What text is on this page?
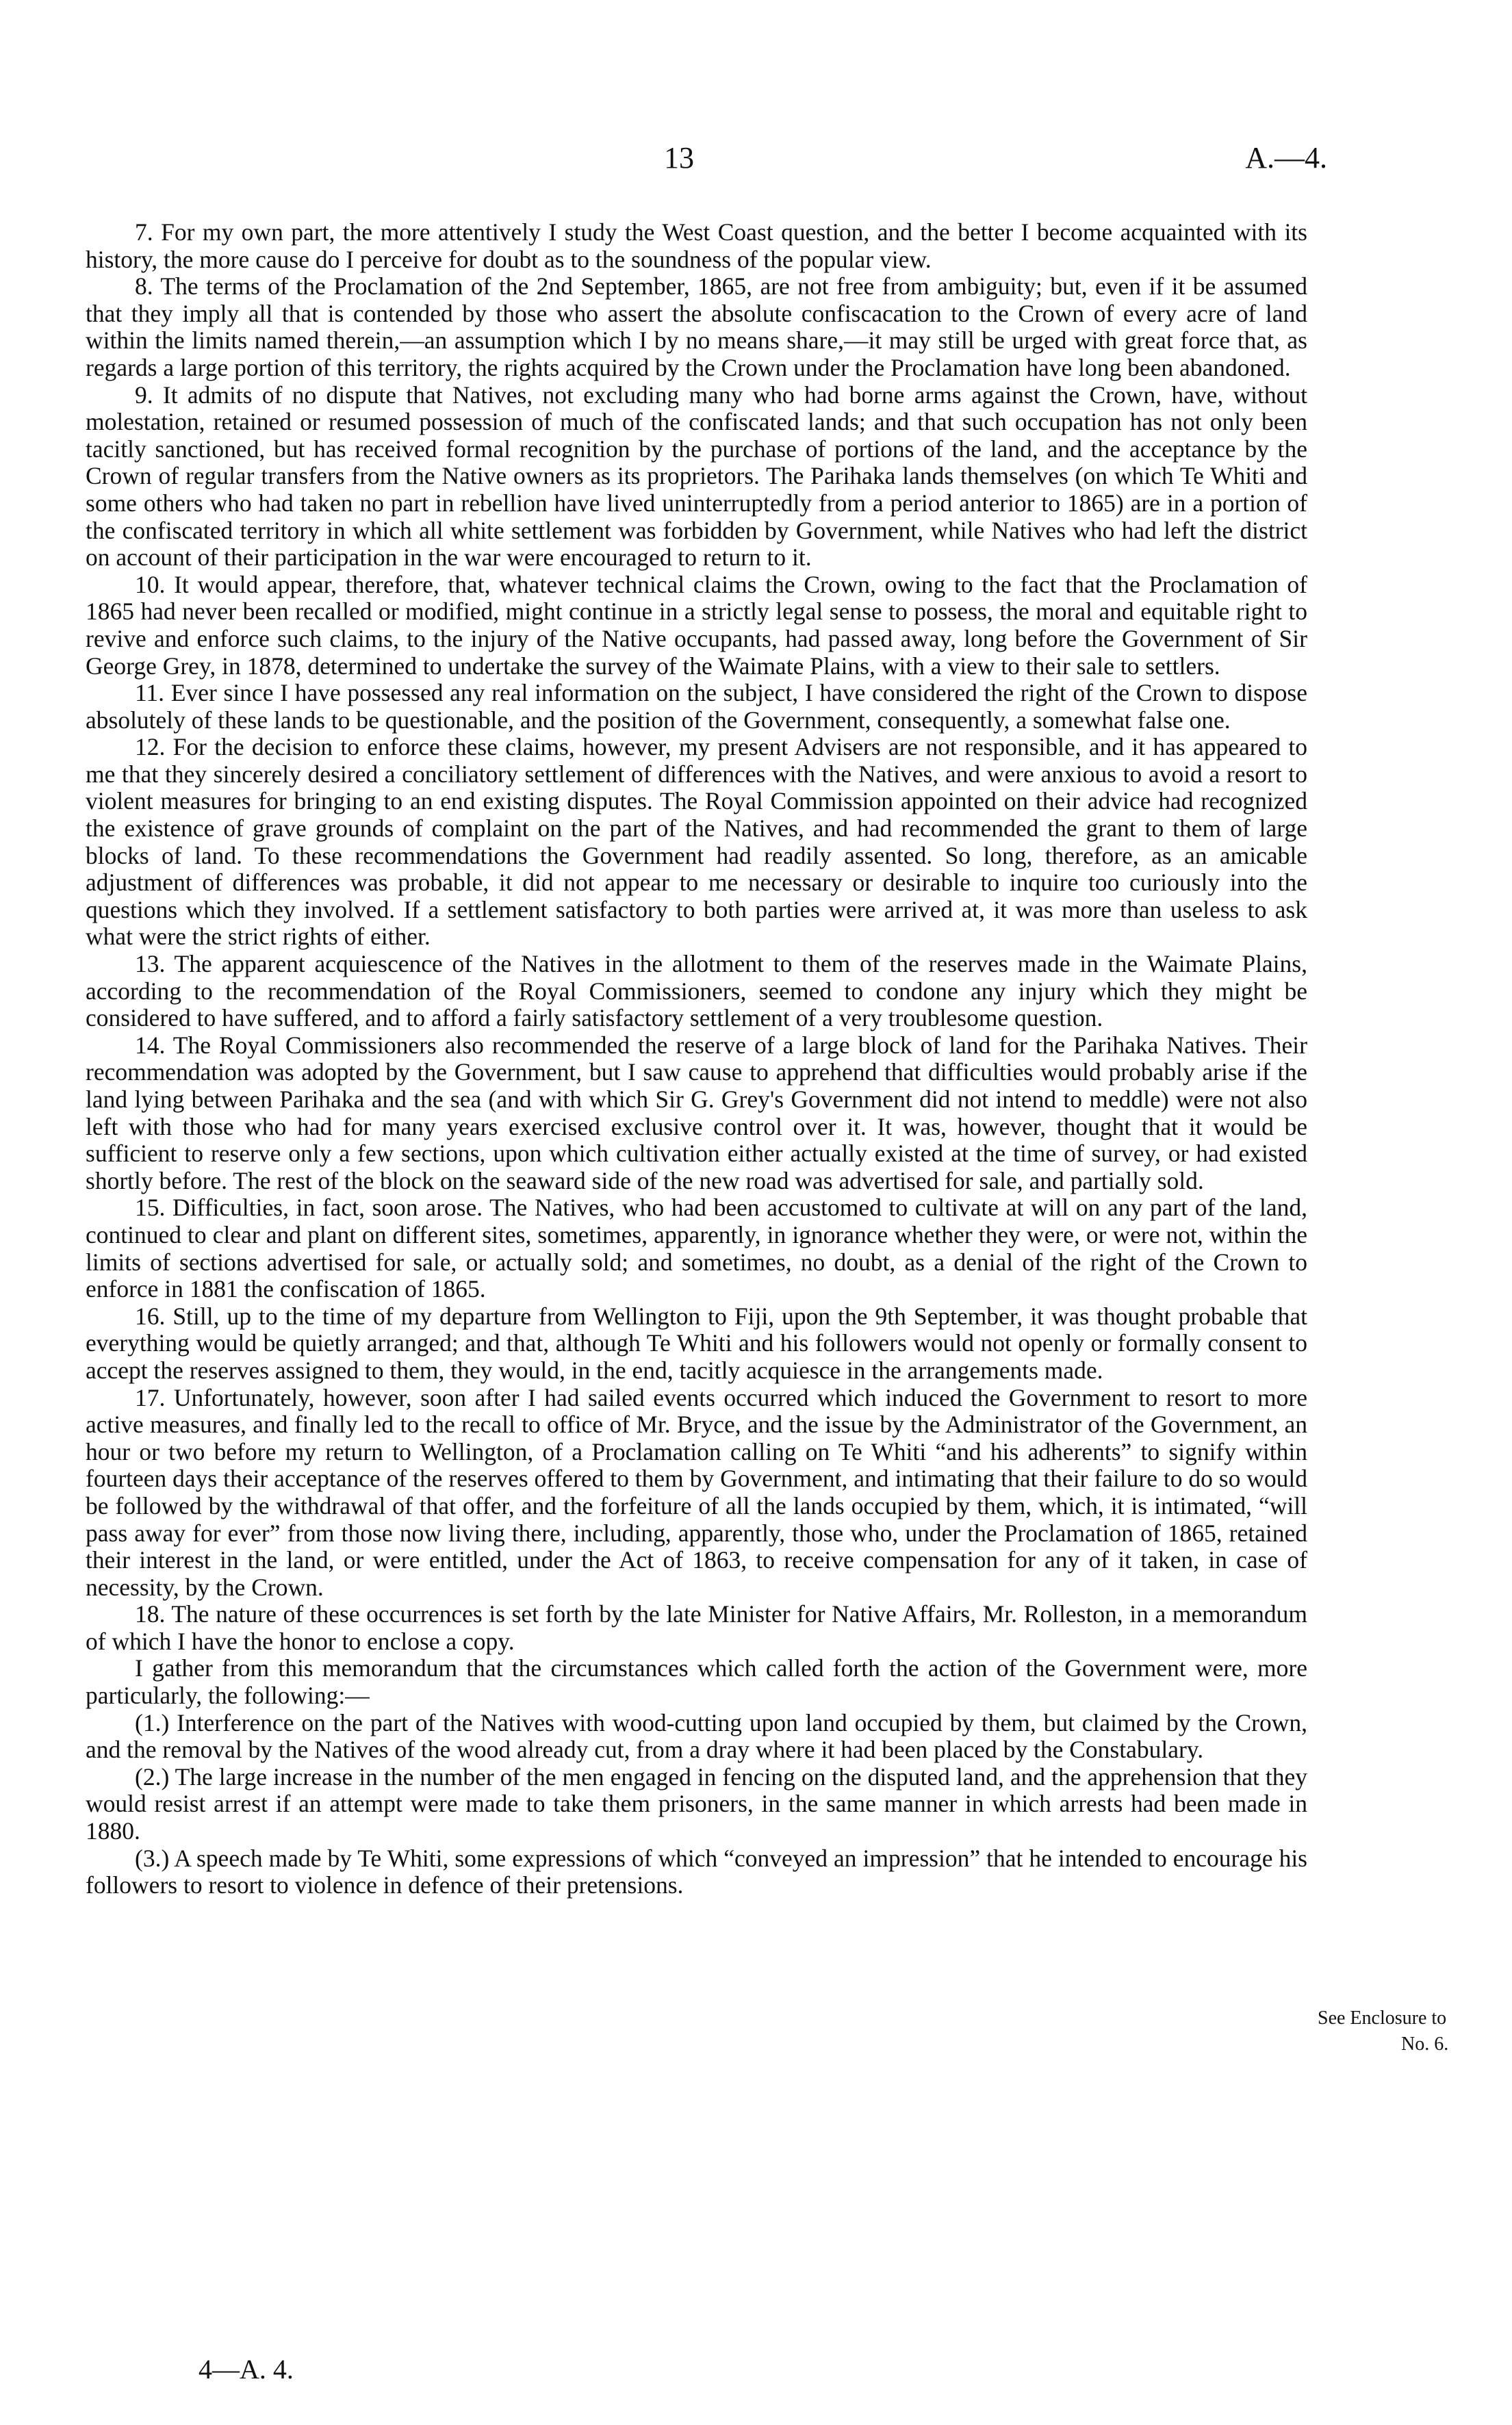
13	A.—4.

7. For my own part, the more attentively I study the West Coast question, and the better I become acquainted with its history, the more cause do I perceive for doubt as to the soundness of the popular view.

8. The terms of the Proclamation of the 2nd September, 1865, are not free from ambiguity; but, even if it be assumed that they imply all that is contended by those who assert the absolute confiscacation to the Crown of every acre of land within the limits named therein,—an assumption which I by no means share,—it may still be urged with great force that, as regards a large portion of this territory, the rights acquired by the Crown under the Proclamation have long been abandoned.

9. It admits of no dispute that Natives, not excluding many who had borne arms against the Crown, have, without molestation, retained or resumed possession of much of the confiscated lands; and that such occupation has not only been tacitly sanctioned, but has received formal recognition by the purchase of portions of the land, and the acceptance by the Crown of regular transfers from the Native owners as its proprietors. The Parihaka lands themselves (on which Te Whiti and some others who had taken no part in rebellion have lived uninterruptedly from a period anterior to 1865) are in a portion of the confiscated territory in which all white settlement was forbidden by Government, while Natives who had left the district on account of their participation in the war were encouraged to return to it.

10. It would appear, therefore, that, whatever technical claims the Crown, owing to the fact that the Proclamation of 1865 had never been recalled or modified, might continue in a strictly legal sense to possess, the moral and equitable right to revive and enforce such claims, to the injury of the Native occupants, had passed away, long before the Government of Sir George Grey, in 1878, determined to undertake the survey of the Waimate Plains, with a view to their sale to settlers.

11. Ever since I have possessed any real information on the subject, I have considered the right of the Crown to dispose absolutely of these lands to be questionable, and the position of the Government, consequently, a somewhat false one.

12. For the decision to enforce these claims, however, my present Advisers are not responsible, and it has appeared to me that they sincerely desired a conciliatory settlement of differences with the Natives, and were anxious to avoid a resort to violent measures for bringing to an end existing disputes. The Royal Commission appointed on their advice had recognized the existence of grave grounds of complaint on the part of the Natives, and had recommended the grant to them of large blocks of land. To these recommendations the Government had readily assented. So long, therefore, as an amicable adjustment of differences was probable, it did not appear to me necessary or desirable to inquire too curiously into the questions which they involved. If a settlement satisfactory to both parties were arrived at, it was more than useless to ask what were the strict rights of either.

13. The apparent acquiescence of the Natives in the allotment to them of the reserves made in the Waimate Plains, according to the recommendation of the Royal Commissioners, seemed to condone any injury which they might be considered to have suffered, and to afford a fairly satisfactory settlement of a very troublesome question.

14. The Royal Commissioners also recommended the reserve of a large block of land for the Parihaka Natives. Their recommendation was adopted by the Government, but I saw cause to apprehend that difficulties would probably arise if the land lying between Parihaka and the sea (and with which Sir G. Grey's Government did not intend to meddle) were not also left with those who had for many years exercised exclusive control over it. It was, however, thought that it would be sufficient to reserve only a few sections, upon which cultivation either actually existed at the time of survey, or had existed shortly before. The rest of the block on the seaward side of the new road was advertised for sale, and partially sold.

15. Difficulties, in fact, soon arose. The Natives, who had been accustomed to cultivate at will on any part of the land, continued to clear and plant on different sites, sometimes, apparently, in ignorance whether they were, or were not, within the limits of sections advertised for sale, or actually sold; and sometimes, no doubt, as a denial of the right of the Crown to enforce in 1881 the confiscation of 1865.

16. Still, up to the time of my departure from Wellington to Fiji, upon the 9th September, it was thought probable that everything would be quietly arranged; and that, although Te Whiti and his followers would not openly or formally consent to accept the reserves assigned to them, they would, in the end, tacitly acquiesce in the arrangements made.

17. Unfortunately, however, soon after I had sailed events occurred which induced the Government to resort to more active measures, and finally led to the recall to office of Mr. Bryce, and the issue by the Administrator of the Government, an hour or two before my return to Wellington, of a Proclamation calling on Te Whiti “and his adherents” to signify within fourteen days their acceptance of the reserves offered to them by Government, and intimating that their failure to do so would be followed by the withdrawal of that offer, and the forfeiture of all the lands occupied by them, which, it is intimated, “will pass away for ever” from those now living there, including, apparently, those who, under the Proclamation of 1865, retained their interest in the land, or were entitled, under the Act of 1863, to receive compensation for any of it taken, in case of necessity, by the Crown.

18. The nature of these occurrences is set forth by the late Minister for Native Affairs, Mr. Rolleston, in a memorandum of which I have the honor to enclose a copy.

I gather from this memorandum that the circumstances which called forth the action of the Government were, more particularly, the following:—

(1.) Interference on the part of the Natives with wood-cutting upon land occupied by them, but claimed by the Crown, and the removal by the Natives of the wood already cut, from a dray where it had been placed by the Constabulary.

(2.) The large increase in the number of the men engaged in fencing on the disputed land, and the apprehension that they would resist arrest if an attempt were made to take them prisoners, in the same manner in which arrests had been made in 1880.

(3.) A speech made by Te Whiti, some expressions of which “conveyed an impression” that he intended to encourage his followers to resort to violence in defence of their pretensions.

See Enclosure to
No. 6.
4—A. 4.
